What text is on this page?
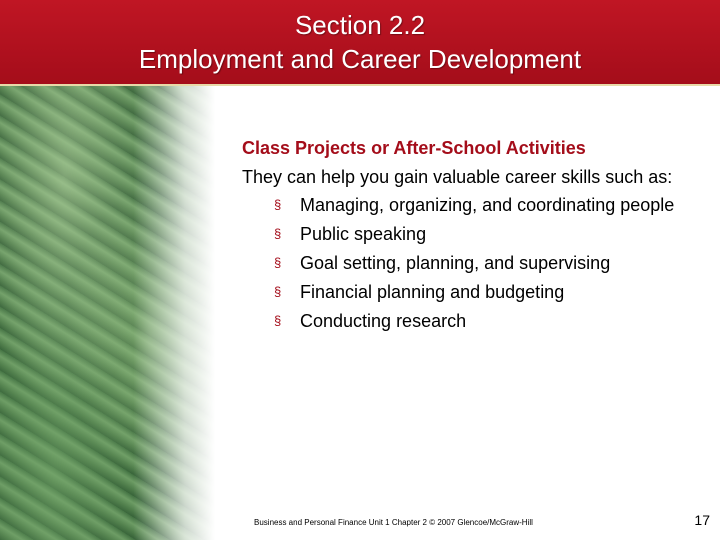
Section 2.2
Employment and Career Development
Class Projects or After-School Activities
They can help you gain valuable career skills such as:
§ Managing, organizing, and coordinating people
§ Public speaking
§ Goal setting, planning, and supervising
§ Financial planning and budgeting
§ Conducting research
Business and Personal Finance Unit 1 Chapter 2 © 2007 Glencoe/McGraw-Hill	17
